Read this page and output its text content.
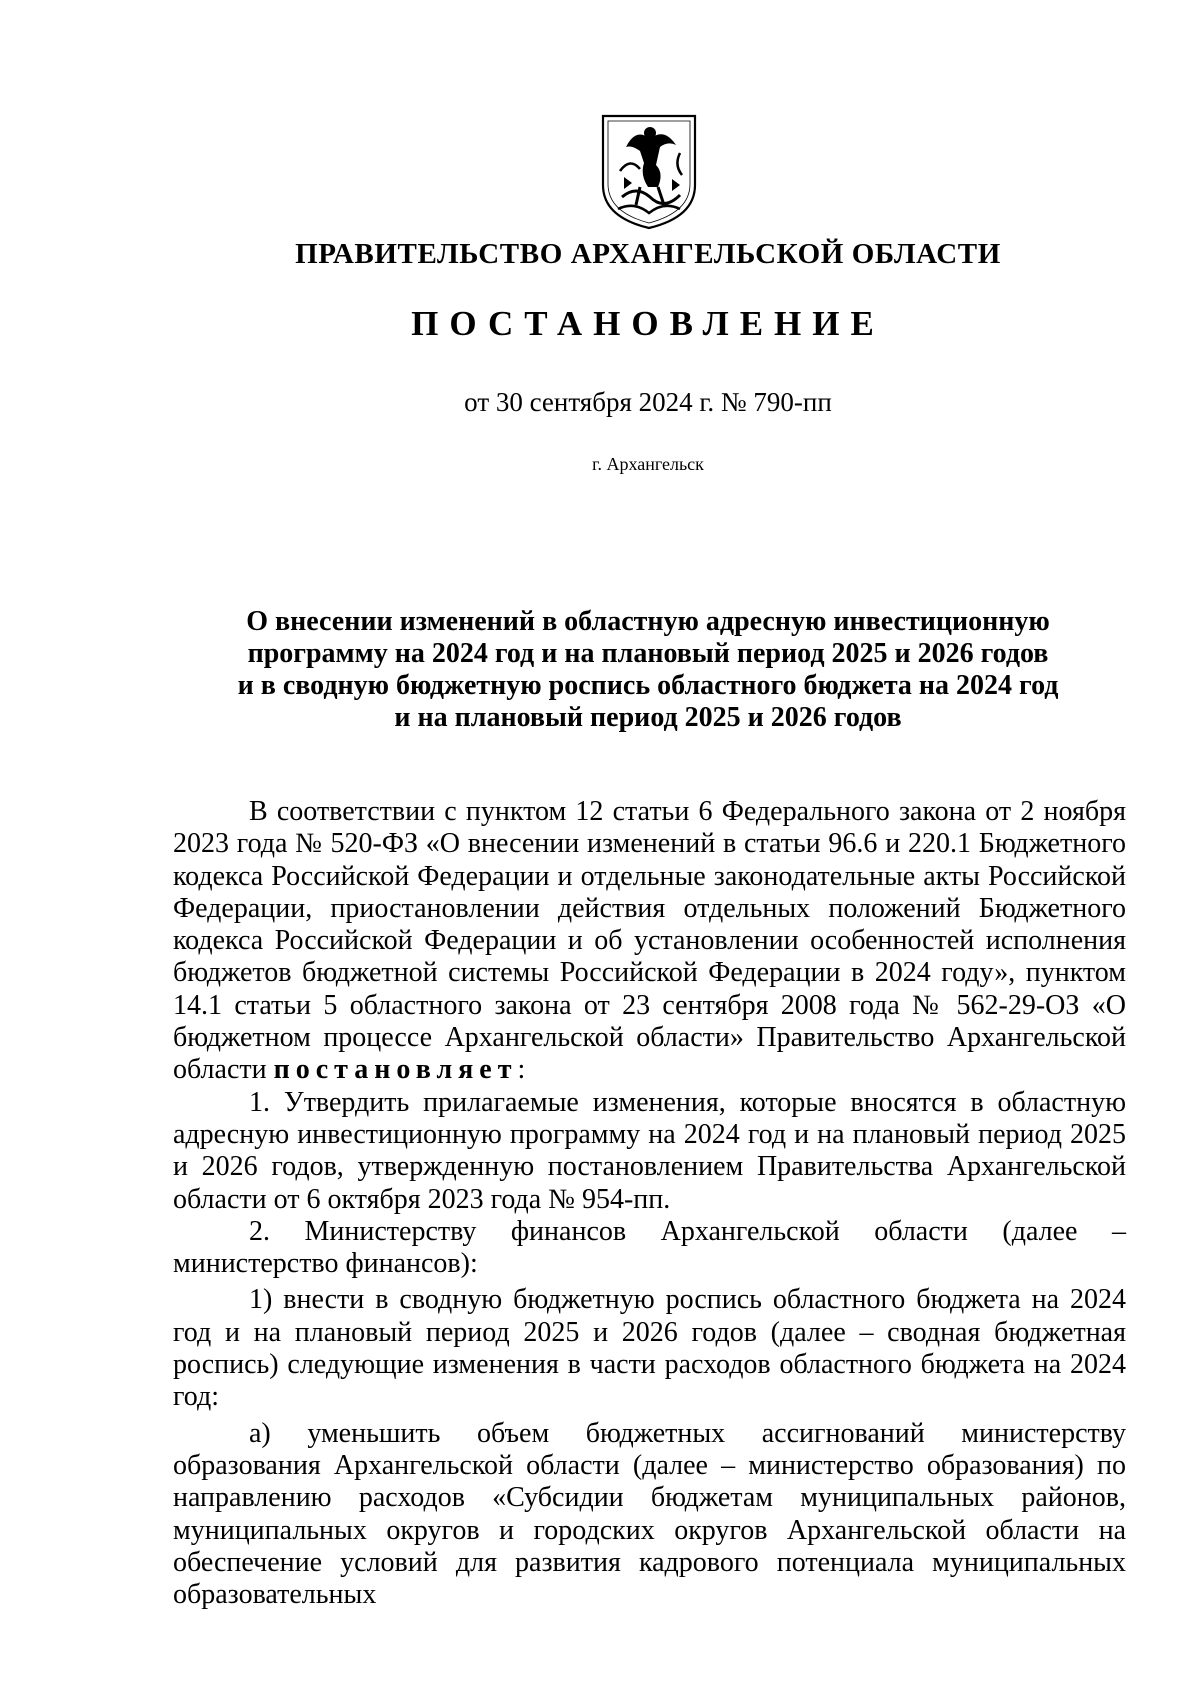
ПРАВИТЕЛЬСТВО АРХАНГЕЛЬСКОЙ ОБЛАСТИ
ПОСТАНОВЛЕНИЕ
от 30 сентября 2024 г. № 790-пп
г. Архангельск
О внесении изменений в областную адресную инвестиционную
программу на 2024 год и на плановый период 2025 и 2026 годов
и в сводную бюджетную роспись областного бюджета на 2024 год
и на плановый период 2025 и 2026 годов

В соответствии с пунктом 12 статьи 6 Федерального закона от 2 ноября 2023 года № 520-ФЗ «О внесении изменений в статьи 96.6 и 220.1 Бюджетного кодекса Российской Федерации и отдельные законодательные акты Российской Федерации, приостановлении действия отдельных положений Бюджетного кодекса Российской Федерации и об установлении особенностей исполнения бюджетов бюджетной системы Российской Федерации в 2024 году», пунктом 14.1 статьи 5 областного закона от 23 сентября 2008 года № 562-29-ОЗ «О бюджетном процессе Архангельской области» Правительство Архангельской области постановляет:

1. Утвердить прилагаемые изменения, которые вносятся в областную адресную инвестиционную программу на 2024 год и на плановый период 2025 и 2026 годов, утвержденную постановлением Правительства Архангельской области от 6 октября 2023 года № 954-пп.

2. Министерству финансов Архангельской области (далее – министерство финансов):

1) внести в сводную бюджетную роспись областного бюджета на 2024 год и на плановый период 2025 и 2026 годов (далее – сводная бюджетная роспись) следующие изменения в части расходов областного бюджета на 2024 год:

а) уменьшить объем бюджетных ассигнований министерству образования Архангельской области (далее – министерство образования) по направлению расходов «Субсидии бюджетам муниципальных районов, муниципальных округов и городских округов Архангельской области на обеспечение условий для развития кадрового потенциала муниципальных образовательных
